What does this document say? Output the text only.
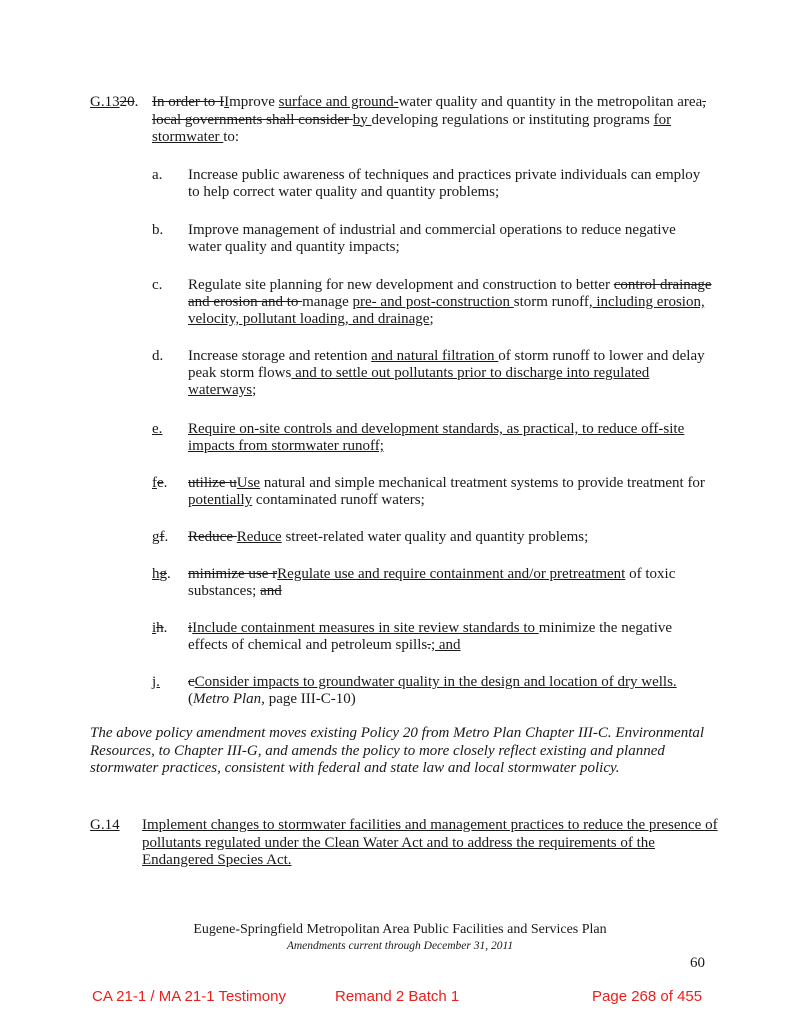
G.1320. In order to IImprove surface and ground-water quality and quantity in the metropolitan area, local governments shall consider by developing regulations or instituting programs for stormwater to:
a. Increase public awareness of techniques and practices private individuals can employ to help correct water quality and quantity problems;
b. Improve management of industrial and commercial operations to reduce negative water quality and quantity impacts;
c. Regulate site planning for new development and construction to better control drainage and erosion and to manage pre- and post-construction storm runoff, including erosion, velocity, pollutant loading, and drainage;
d. Increase storage and retention and natural filtration of storm runoff to lower and delay peak storm flows and to settle out pollutants prior to discharge into regulated waterways;
e. Require on-site controls and development standards, as practical, to reduce off-site impacts from stormwater runoff;
fe. utilize uUse natural and simple mechanical treatment systems to provide treatment for potentially contaminated runoff waters;
gf. Reduce Reduce street-related water quality and quantity problems;
hg. minimize use rRegulate use and require containment and/or pretreatment of toxic substances; and
ih. iInclude containment measures in site review standards to minimize the negative effects of chemical and petroleum spills.; and
j. cConsider impacts to groundwater quality in the design and location of dry wells.
(Metro Plan, page III-C-10)
The above policy amendment moves existing Policy 20 from Metro Plan Chapter III-C. Environmental Resources, to Chapter III-G, and amends the policy to more closely reflect existing and planned stormwater practices, consistent with federal and state law and local stormwater policy.
G.14 Implement changes to stormwater facilities and management practices to reduce the presence of pollutants regulated under the Clean Water Act and to address the requirements of the Endangered Species Act.
Eugene-Springfield Metropolitan Area Public Facilities and Services Plan
Amendments current through December 31, 2011
60
CA 21-1 / MA 21-1 Testimony	Remand 2 Batch 1	Page 268 of 455
